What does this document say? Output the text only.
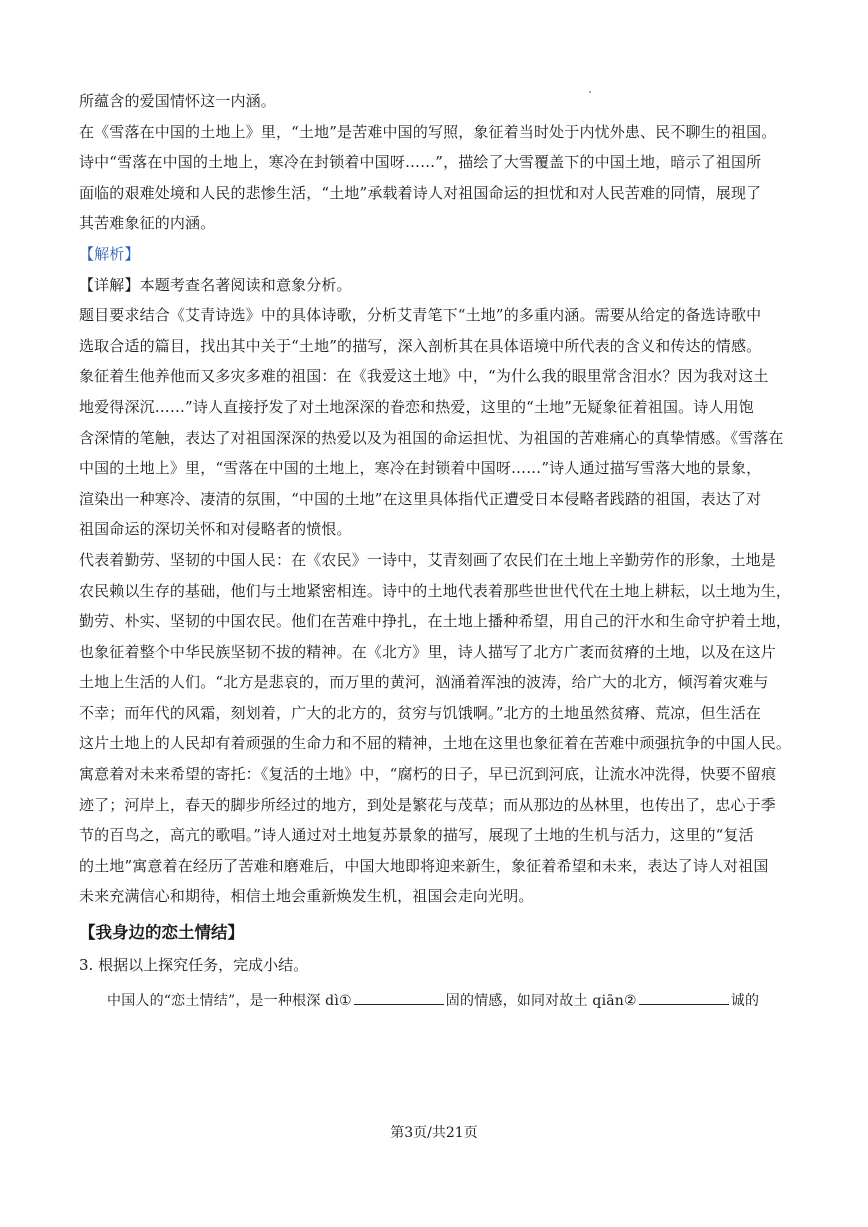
所蕴含的爱国情怀这一内涵。
在《雪落在中国的土地上》里，“土地”是苦难中国的写照，象征着当时处于内忧外患、民不聊生的祖国。
诗中“雪落在中国的土地上，寒冷在封锁着中国呀……”，描绘了大雪覆盖下的中国土地，暗示了祖国所
面临的艰难处境和人民的悲惨生活，“土地”承载着诗人对祖国命运的担忧和对人民苦难的同情，展现了
其苦难象征的内涵。
【解析】
【详解】本题考查名著阅读和意象分析。
题目要求结合《艾青诗选》中的具体诗歌，分析艾青笔下“土地”的多重内涵。需要从给定的备选诗歌中
选取合适的篇目，找出其中关于“土地”的描写，深入剖析其在具体语境中所代表的含义和传达的情感。
象征着生他养他而又多灾多难的祖国：在《我爱这土地》中，“为什么我的眼里常含泪水？因为我对这土
地爱得深沉……”诗人直接抒发了对土地深深的眷恋和热爱，这里的“土地”无疑象征着祖国。诗人用饱
含深情的笔触，表达了对祖国深深的热爱以及为祖国的命运担忧、为祖国的苦难痛心的真挚情感。《雪落在
中国的土地上》里，“雪落在中国的土地上，寒冷在封锁着中国呀……”诗人通过描写雪落大地的景象，
渲染出一种寒冷、凄清的氛围，“中国的土地”在这里具体指代正遭受日本侵略者践踏的祖国，表达了对
祖国命运的深切关怀和对侵略者的愤恨。
代表着勤劳、坚韧的中国人民：在《农民》一诗中，艾青刻画了农民们在土地上辛勤劳作的形象，土地是
农民赖以生存的基础，他们与土地紧密相连。诗中的土地代表着那些世世代代在土地上耕耘，以土地为生，
勤劳、朴实、坚韧的中国农民。他们在苦难中挣扎，在土地上播种希望，用自己的汗水和生命守护着土地，
也象征着整个中华民族坚韧不拔的精神。在《北方》里，诗人描写了北方广袤而贫瘠的土地，以及在这片
土地上生活的人们。“北方是悲哀的，而万里的黄河，汹涌着浑浊的波涛，给广大的北方，倾泻着灾难与
不幸；而年代的风霜，刻划着，广大的北方的，贫穷与饥饿啊。”北方的土地虽然贫瘠、荒凉，但生活在
这片土地上的人民却有着顽强的生命力和不屈的精神，土地在这里也象征着在苦难中顽强抗争的中国人民。
寓意着对未来希望的寄托：《复活的土地》中，“腐朽的日子，早已沉到河底，让流水冲洗得，快要不留痕
迹了；河岸上，春天的脚步所经过的地方，到处是繁花与茂草；而从那边的丛林里，也传出了，忠心于季
节的百鸟之，高亢的歌唱。”诗人通过对土地复苏景象的描写，展现了土地的生机与活力，这里的“复活
的土地”寓意着在经历了苦难和磨难后，中国大地即将迎来新生，象征着希望和未来，表达了诗人对祖国
未来充满信心和期待，相信土地会重新焕发生机，祖国会走向光明。
【我身边的恋土情结】
3. 根据以上探究任务，完成小结。
中国人的“恋土情结”，是一种根深 dì①	固的情感，如同对故土 qiān②	诚的
第3页/共21页
